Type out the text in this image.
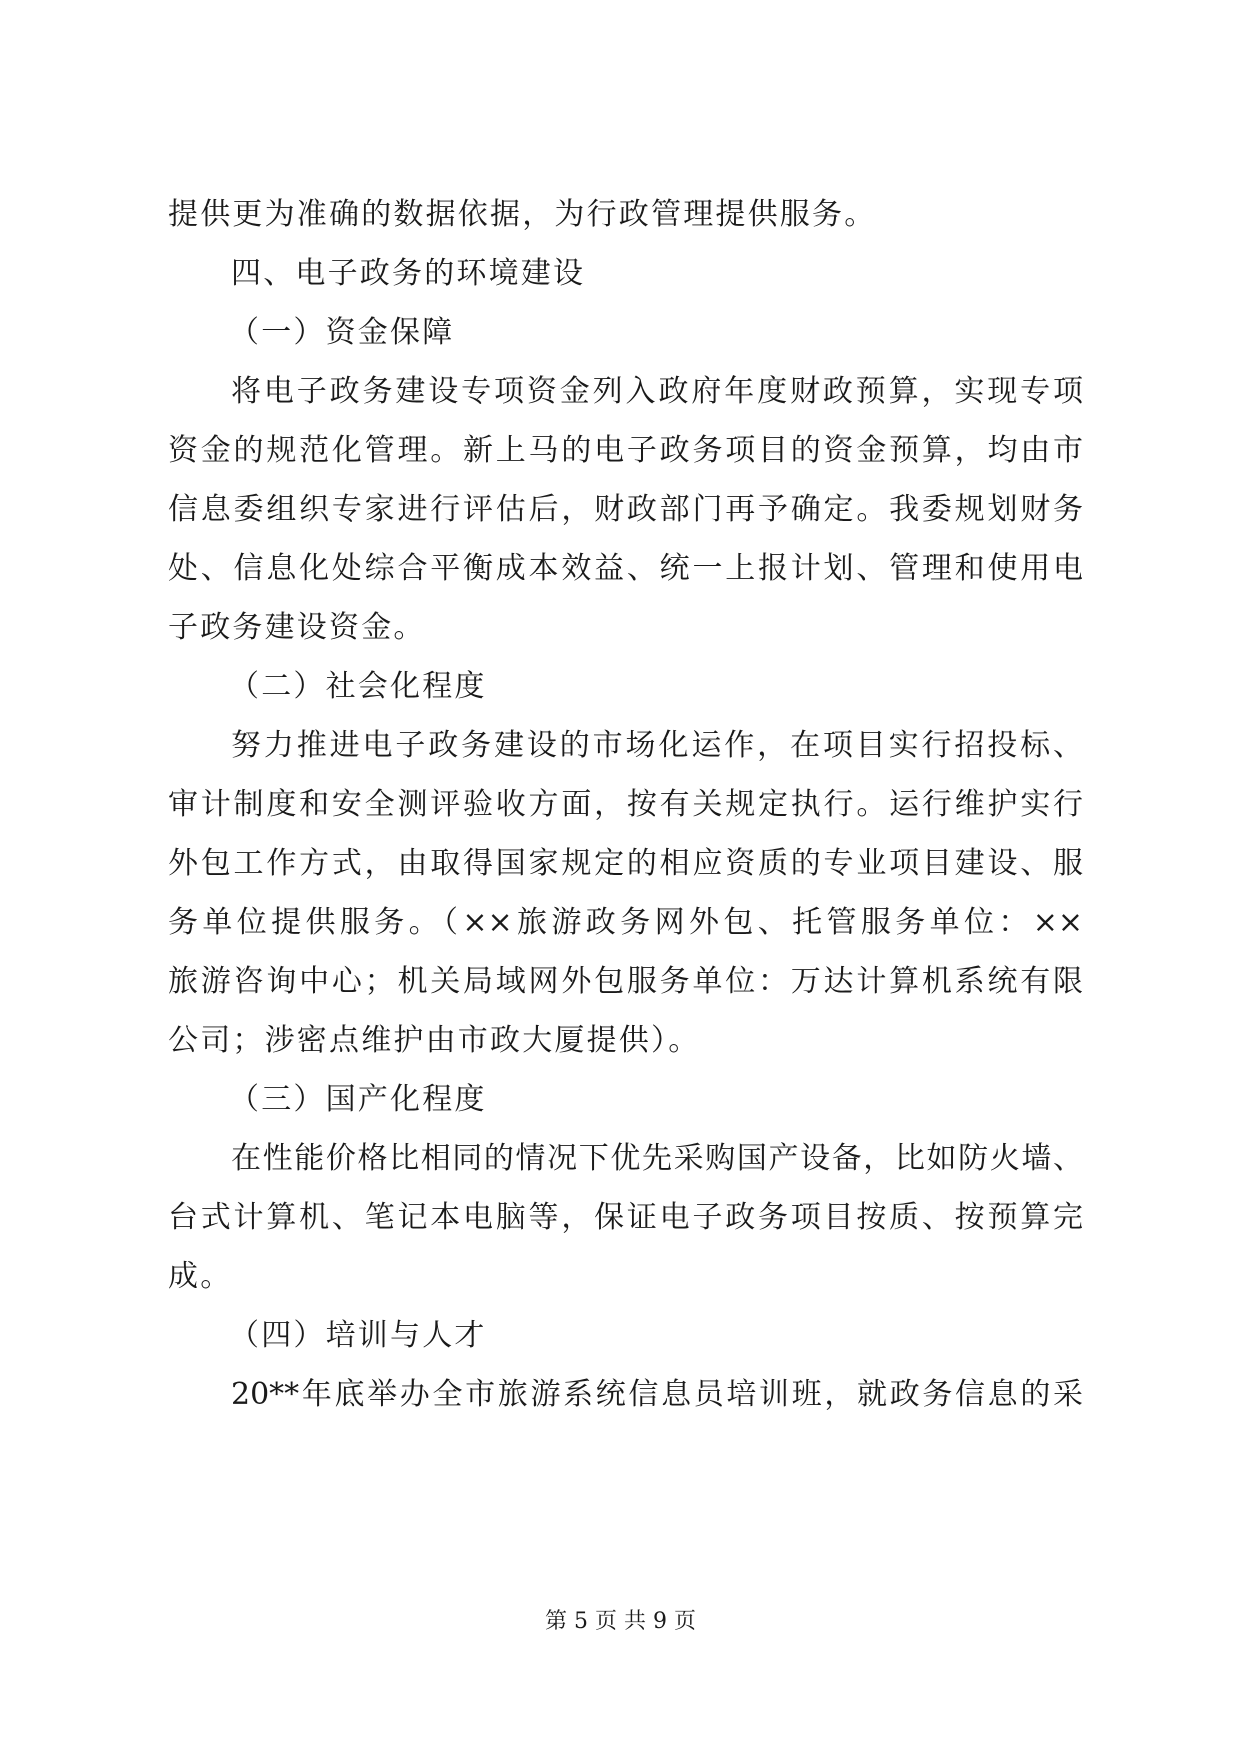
提供更为准确的数据依据，为行政管理提供服务。
四、电子政务的环境建设
（一）资金保障
将电子政务建设专项资金列入政府年度财政预算，实现专项
资金的规范化管理。新上马的电子政务项目的资金预算，均由市
信息委组织专家进行评估后，财政部门再予确定。我委规划财务
处、信息化处综合平衡成本效益、统一上报计划、管理和使用电
子政务建设资金。
（二）社会化程度
努力推进电子政务建设的市场化运作，在项目实行招投标、
审计制度和安全测评验收方面，按有关规定执行。运行维护实行
外包工作方式，由取得国家规定的相应资质的专业项目建设、服
务单位提供服务。（××旅游政务网外包、托管服务单位：××
旅游咨询中心；机关局域网外包服务单位：万达计算机系统有限
公司；涉密点维护由市政大厦提供）。
（三）国产化程度
在性能价格比相同的情况下优先采购国产设备，比如防火墙、
台式计算机、笔记本电脑等，保证电子政务项目按质、按预算完
成。
（四）培训与人才
20**年底举办全市旅游系统信息员培训班，就政务信息的采
第 5 页 共 9 页
